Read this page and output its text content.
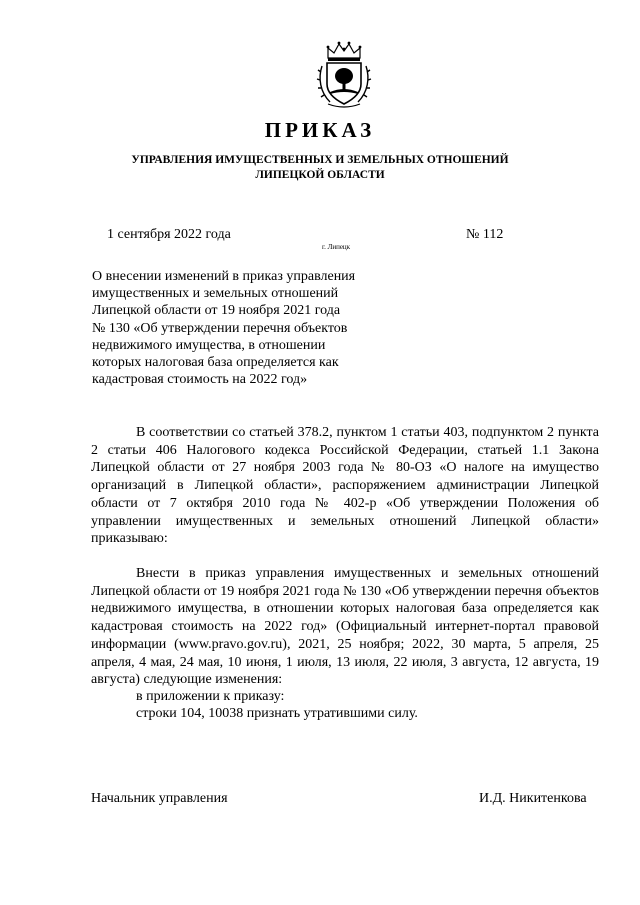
ПРИКАЗ
УПРАВЛЕНИЯ ИМУЩЕСТВЕННЫХ И ЗЕМЕЛЬНЫХ ОТНОШЕНИЙ
ЛИПЕЦКОЙ ОБЛАСТИ
1 сентября 2022 года	№ 112
г. Липецк
О внесении изменений в приказ управления
имущественных и земельных отношений
Липецкой области от 19 ноября 2021 года
№ 130 «Об утверждении перечня объектов
недвижимого имущества, в отношении
которых налоговая база определяется как
кадастровая стоимость на 2022 год»
В соответствии со статьей 378.2, пунктом 1 статьи 403, подпунктом 2 пункта 2 статьи 406 Налогового кодекса Российской Федерации, статьей 1.1 Закона Липецкой области от 27 ноября 2003 года № 80-ОЗ «О налоге на имущество организаций в Липецкой области», распоряжением администрации Липецкой области от 7 октября 2010 года № 402-р «Об утверждении Положения об управлении имущественных и земельных отношений Липецкой области» приказываю:
Внести в приказ управления имущественных и земельных отношений Липецкой области от 19 ноября 2021 года № 130 «Об утверждении перечня объектов недвижимого имущества, в отношении которых налоговая база определяется как кадастровая стоимость на 2022 год» (Официальный интернет-портал правовой информации (www.pravo.gov.ru), 2021, 25 ноября; 2022, 30 марта, 5 апреля, 25 апреля, 4 мая, 24 мая, 10 июня, 1 июля, 13 июля, 22 июля, 3 августа, 12 августа, 19 августа) следующие изменения:
в приложении к приказу:
строки 104, 10038 признать утратившими силу.
Начальник управления	И.Д. Никитенкова
